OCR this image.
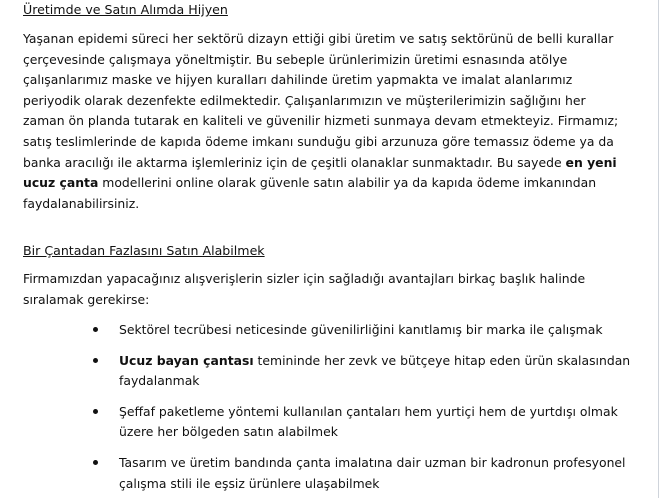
Üretimde ve Satın Alımda Hijyen

Yaşanan epidemi süreci her sektörü dizayn ettiği gibi üretim ve satış sektörünü de belli kurallar çerçevesinde çalışmaya yöneltmiştir. Bu sebeple ürünlerimizin üretimi esnasında atölye çalışanlarımız maske ve hijyen kuralları dahilinde üretim yapmakta ve imalat alanlarımız periyodik olarak dezenfekte edilmektedir. Çalışanlarımızın ve müşterilerimizin sağlığını her zaman ön planda tutarak en kaliteli ve güvenilir hizmeti sunmaya devam etmekteyiz. Firmamız; satış teslimlerinde de kapıda ödeme imkanı sunduğu gibi arzunuza göre temassız ödeme ya da banka aracılığı ile aktarma işlemleriniz için de çeşitli olanaklar sunmaktadır. Bu sayede en yeni ucuz çanta modellerini online olarak güvenle satın alabilir ya da kapıda ödeme imkanından faydalanabilirsiniz.

Bir Çantadan Fazlasını Satın Alabilmek

Firmamızdan yapacağınız alışverişlerin sizler için sağladığı avantajları birkaç başlık halinde sıralamak gerekirse:

Sektörel tecrübesi neticesinde güvenilirliğini kanıtlamış bir marka ile çalışmak
Ucuz bayan çantası temininde her zevk ve bütçeye hitap eden ürün skalasından faydalanmak
Şeffaf paketleme yöntemi kullanılan çantaları hem yurtiçi hem de yurtdışı olmak üzere her bölgeden satın alabilmek
Tasarım ve üretim bandında çanta imalatına dair uzman bir kadronun profesyonel çalışma stili ile eşsiz ürünlere ulaşabilmek
